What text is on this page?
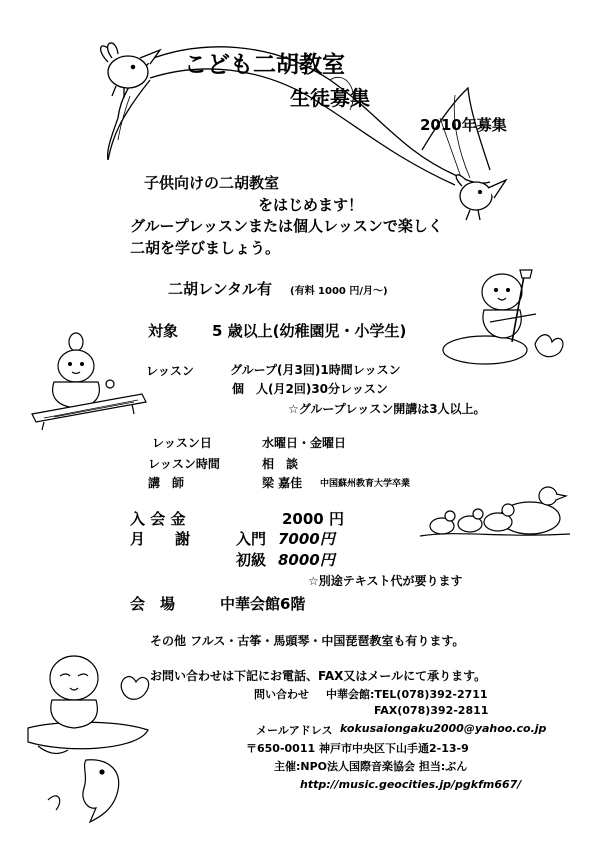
こども二胡教室
生徒募集
2010年募集
子供向けの二胡教室
をはじめます！
グループレッスンまたは個人レッスンで楽しく
二胡を学びましょう。
二胡レンタル有 (有料 1000 円/月～)
対象 5 歳以上(幼稚園児・小学生)
レッスン	グループ(月3回)1時間レッスン
個　人(月2回)30分レッスン
☆グループレッスン開講は3人以上。
レッスン日	水曜日・金曜日
レッスン時間	相　談
講　師	梁 嘉佳 中国蘇州教育大学卒業
入 会 金	2000 円
月　　謝	入門 7000円
初級 8000円
☆別途テキスト代が要ります
会　場	中華会館6階
その他 フルス・古筝・馬頭琴・中国琵琶教室も有ります。
お問い合わせは下記にお電話、FAX又はメールにて承ります。
問い合わせ 中華会館:TEL(078)392-2711
FAX(078)392-2811
メールアドレス kokusaiongaku2000@yahoo.co.jp
〒650-0011 神戸市中央区下山手通2-13-9
主催:NPO法人国際音楽協会 担当:ぶん
http://music.geocities.jp/pgkfm667/
